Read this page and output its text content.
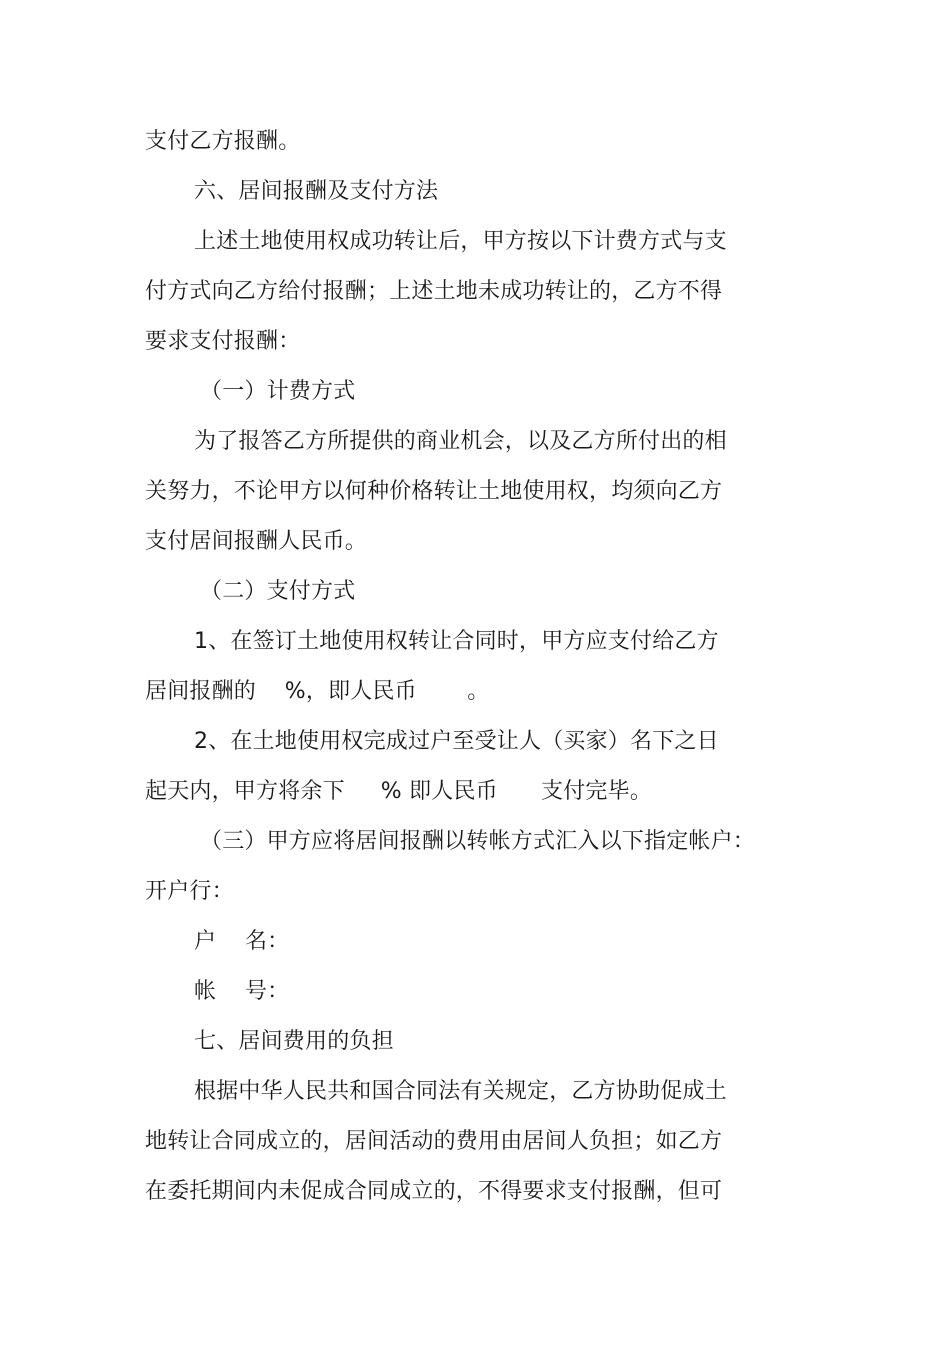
支付乙方报酬。
六、居间报酬及支付方法
上述土地使用权成功转让后，甲方按以下计费方式与支
付方式向乙方给付报酬；上述土地未成功转让的，乙方不得
要求支付报酬：
（一）计费方式
为了报答乙方所提供的商业机会，以及乙方所付出的相
关努力，不论甲方以何种价格转让土地使用权，均须向乙方
支付居间报酬人民币。
（二）支付方式
1、在签订土地使用权转让合同时，甲方应支付给乙方
居间报酬的    %，即人民币       。
2、在土地使用权完成过户至受让人（买家）名下之日
起天内，甲方将余下     % 即人民币      支付完毕。
（三）甲方应将居间报酬以转帐方式汇入以下指定帐户：
开户行：
户    名：
帐    号：
七、居间费用的负担
根据中华人民共和国合同法有关规定，乙方协助促成土
地转让合同成立的，居间活动的费用由居间人负担；如乙方
在委托期间内未促成合同成立的，不得要求支付报酬，但可
